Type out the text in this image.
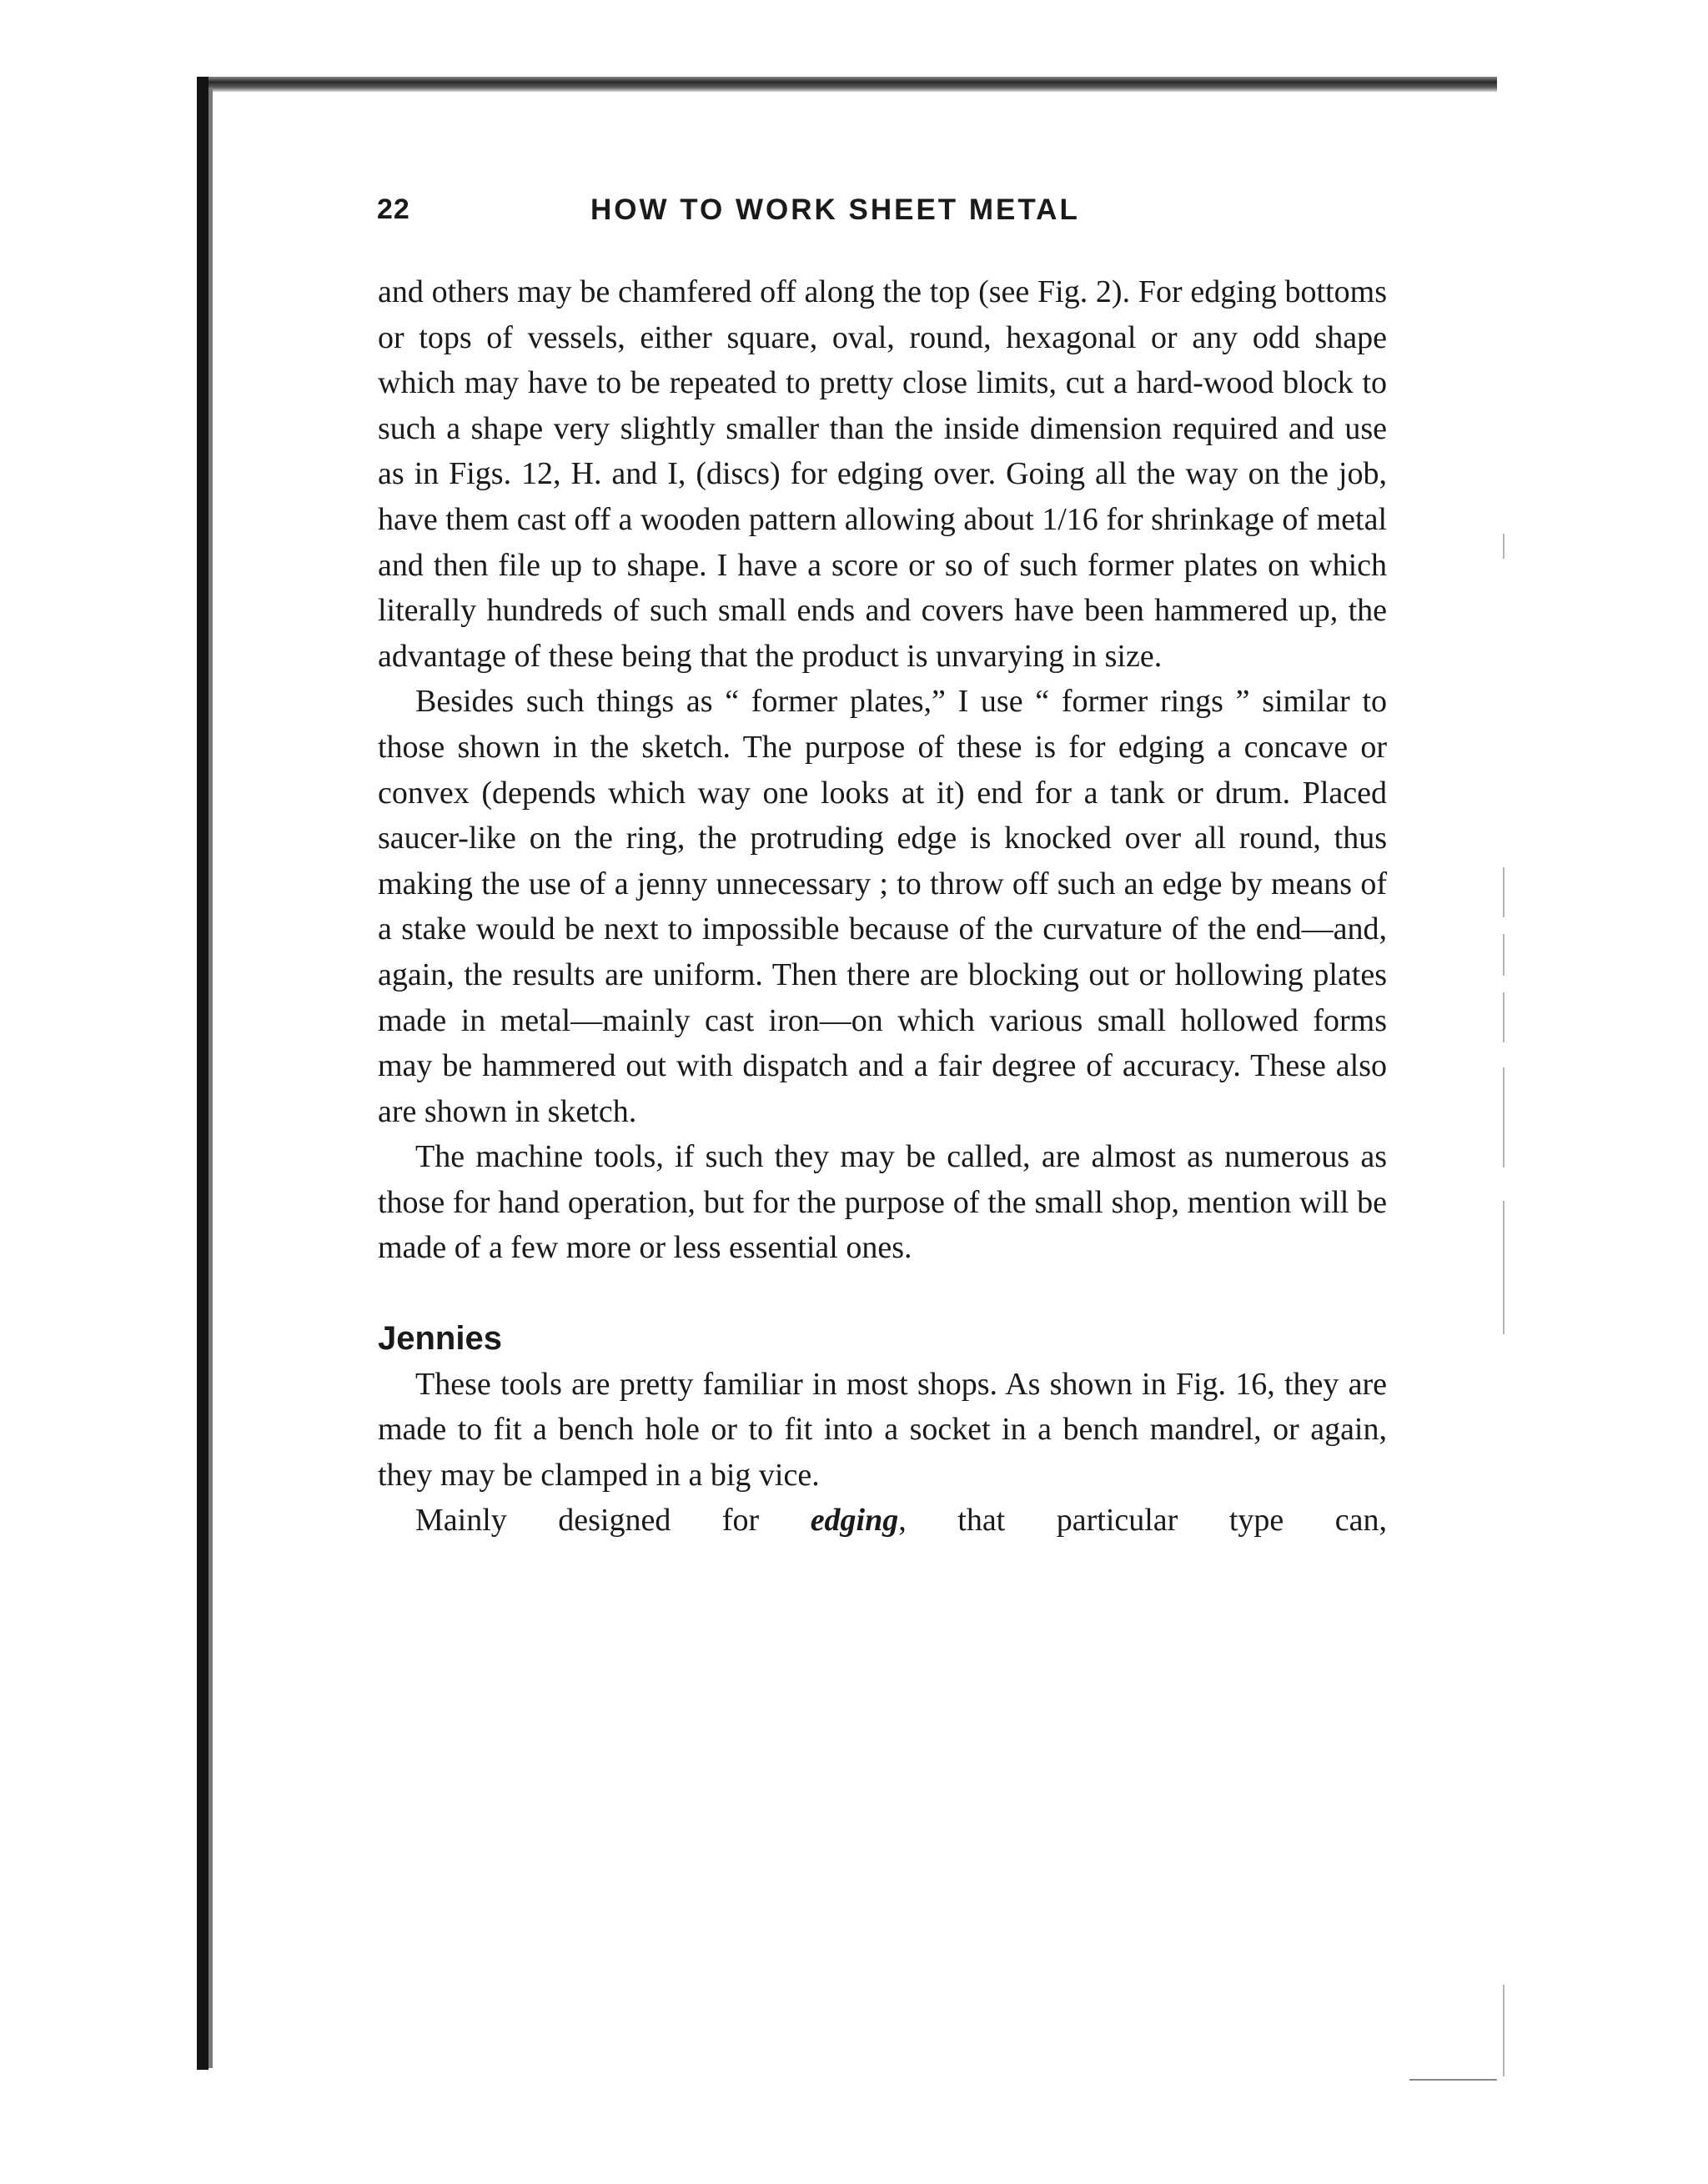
22	HOW TO WORK SHEET METAL

and others may be chamfered off along the top (see Fig. 2). For edging bottoms or tops of vessels, either square, oval, round, hexagonal or any odd shape which may have to be repeated to pretty close limits, cut a hard-wood block to such a shape very slightly smaller than the inside dimension required and use as in Figs. 12, H. and I, (discs) for edging over. Going all the way on the job, have them cast off a wooden pattern allowing about 1/16 for shrinkage of metal and then file up to shape. I have a score or so of such former plates on which literally hundreds of such small ends and covers have been hammered up, the advantage of these being that the product is unvarying in size.

Besides such things as “ former plates,” I use “ former rings ” similar to those shown in the sketch. The purpose of these is for edging a concave or convex (depends which way one looks at it) end for a tank or drum. Placed saucer-like on the ring, the protruding edge is knocked over all round, thus making the use of a jenny unnecessary ; to throw off such an edge by means of a stake would be next to impossible because of the curvature of the end—and, again, the results are uniform. Then there are blocking out or hollowing plates made in metal—mainly cast iron—on which various small hollowed forms may be hammered out with dispatch and a fair degree of accuracy. These also are shown in sketch.

The machine tools, if such they may be called, are almost as numerous as those for hand operation, but for the purpose of the small shop, mention will be made of a few more or less essential ones.

Jennies

These tools are pretty familiar in most shops. As shown in Fig. 16, they are made to fit a bench hole or to fit into a socket in a bench mandrel, or again, they may be clamped in a big vice.

Mainly designed for edging, that particular type can,
